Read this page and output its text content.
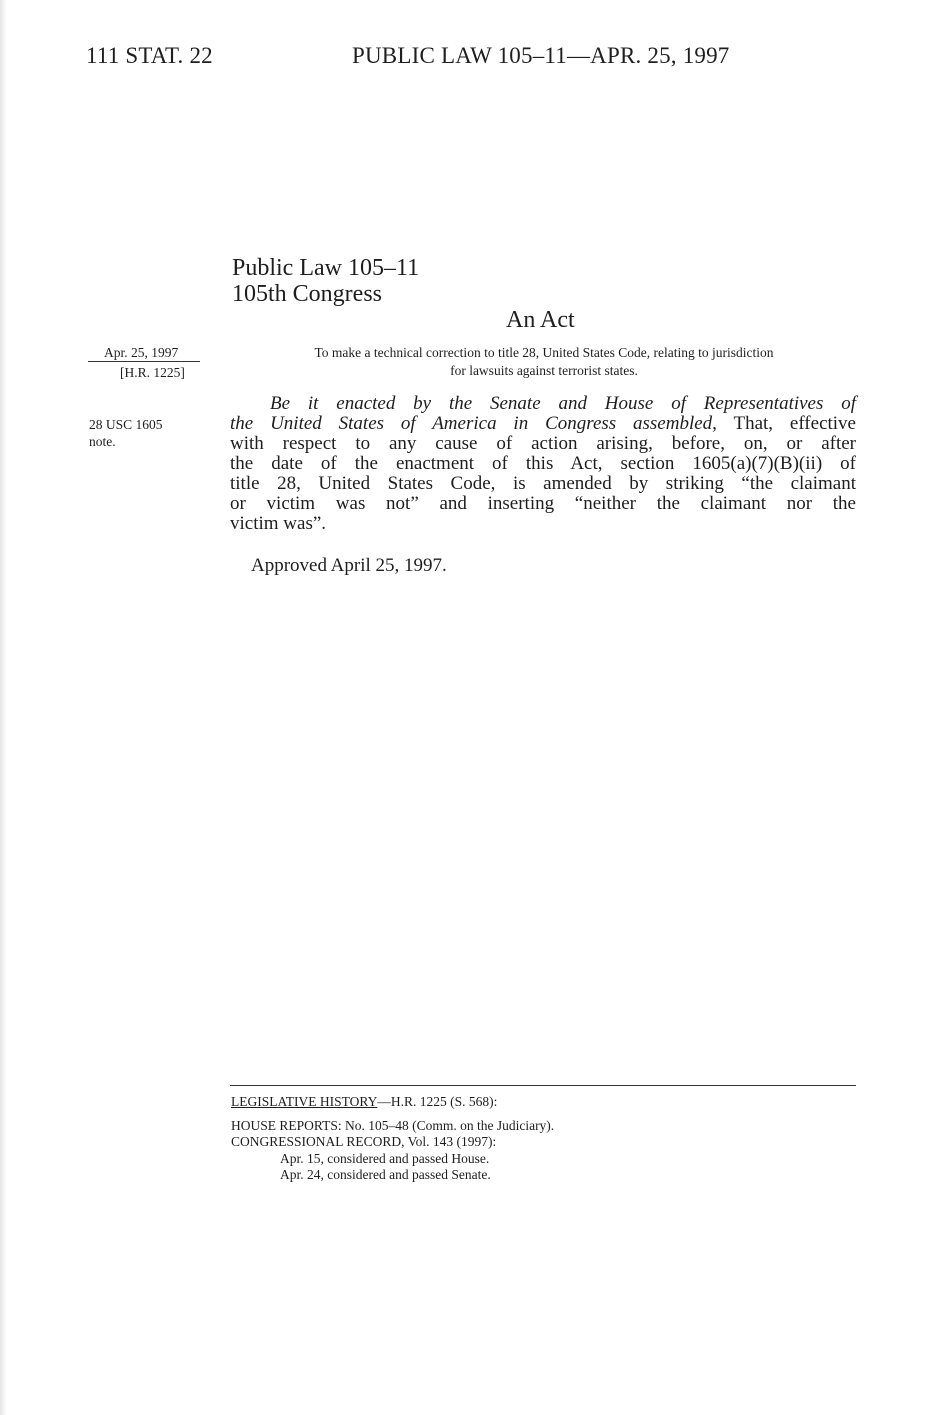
111 STAT. 22	PUBLIC LAW 105–11—APR. 25, 1997
Public Law 105–11
105th Congress
An Act
Apr. 25, 1997
[H.R. 1225]
28 USC 1605
note.
To make a technical correction to title 28, United States Code, relating to jurisdiction
for lawsuits against terrorist states.
Be it enacted by the Senate and House of Representatives of
the United States of America in Congress assembled, That, effective
with respect to any cause of action arising, before, on, or after
the date of the enactment of this Act, section 1605(a)(7)(B)(ii) of
title 28, United States Code, is amended by striking “the claimant
or victim was not” and inserting “neither the claimant nor the
victim was”.
Approved April 25, 1997.
LEGISLATIVE HISTORY—H.R. 1225 (S. 568):
HOUSE REPORTS: No. 105–48 (Comm. on the Judiciary).
CONGRESSIONAL RECORD, Vol. 143 (1997):
Apr. 15, considered and passed House.
Apr. 24, considered and passed Senate.
